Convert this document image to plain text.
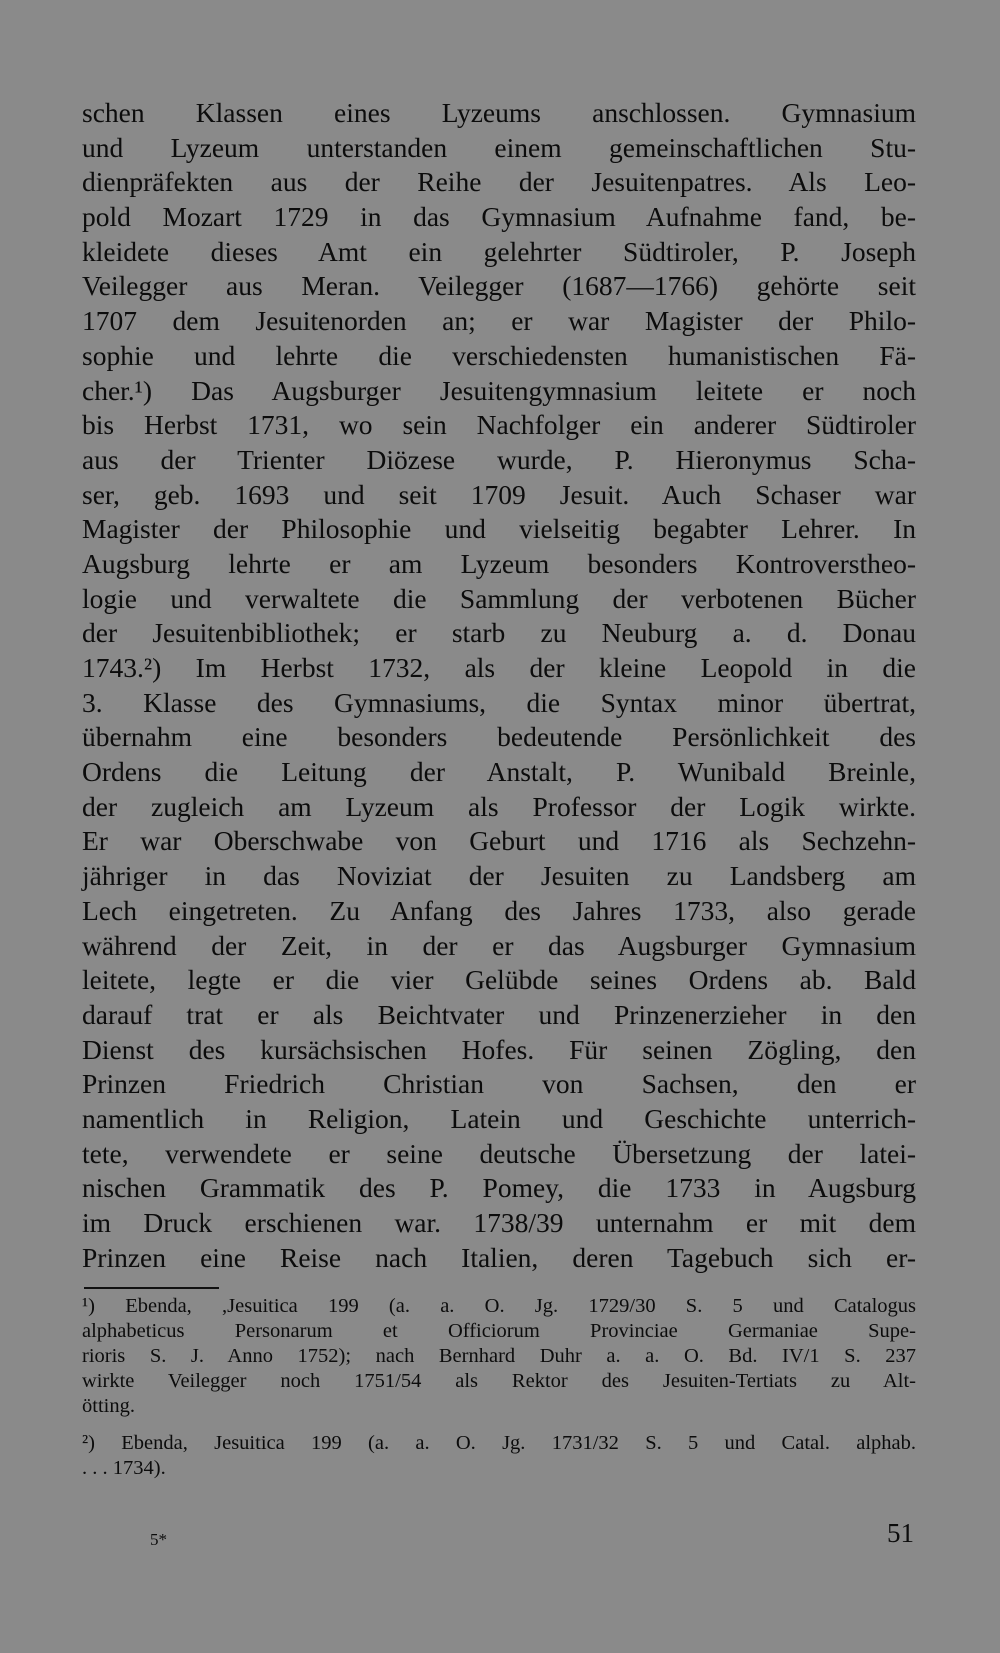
schen Klassen eines Lyzeums anschlossen. Gymnasium
und Lyzeum unterstanden einem gemeinschaftlichen Stu-
dienpräfekten aus der Reihe der Jesuitenpatres. Als Leo-
pold Mozart 1729 in das Gymnasium Aufnahme fand, be-
kleidete dieses Amt ein gelehrter Südtiroler, P. Joseph
Veilegger aus Meran. Veilegger (1687—1766) gehörte seit
1707 dem Jesuitenorden an; er war Magister der Philo-
sophie und lehrte die verschiedensten humanistischen Fä-
cher.¹) Das Augsburger Jesuitengymnasium leitete er noch
bis Herbst 1731, wo sein Nachfolger ein anderer Südtiroler
aus der Trienter Diözese wurde, P. Hieronymus Scha-
ser, geb. 1693 und seit 1709 Jesuit. Auch Schaser war
Magister der Philosophie und vielseitig begabter Lehrer. In
Augsburg lehrte er am Lyzeum besonders Kontroverstheo-
logie und verwaltete die Sammlung der verbotenen Bücher
der Jesuitenbibliothek; er starb zu Neuburg a. d. Donau
1743.²) Im Herbst 1732, als der kleine Leopold in die
3. Klasse des Gymnasiums, die Syntax minor übertrat,
übernahm eine besonders bedeutende Persönlichkeit des
Ordens die Leitung der Anstalt, P. Wunibald Breinle,
der zugleich am Lyzeum als Professor der Logik wirkte.
Er war Oberschwabe von Geburt und 1716 als Sechzehn-
jähriger in das Noviziat der Jesuiten zu Landsberg am
Lech eingetreten. Zu Anfang des Jahres 1733, also gerade
während der Zeit, in der er das Augsburger Gymnasium
leitete, legte er die vier Gelübde seines Ordens ab. Bald
darauf trat er als Beichtvater und Prinzenerzieher in den
Dienst des kursächsischen Hofes. Für seinen Zögling, den
Prinzen Friedrich Christian von Sachsen, den er
namentlich in Religion, Latein und Geschichte unterrich-
tete, verwendete er seine deutsche Übersetzung der latei-
nischen Grammatik des P. Pomey, die 1733 in Augsburg
im Druck erschienen war. 1738/39 unternahm er mit dem
Prinzen eine Reise nach Italien, deren Tagebuch sich er-
¹) Ebenda, ,Jesuitica 199 (a. a. O. Jg. 1729/30 S. 5 und Catalogus
alphabeticus Personarum et Officiorum Provinciae Germaniae Supe-
rioris S. J. Anno 1752); nach Bernhard Duhr a. a. O. Bd. IV/1 S. 237
wirkte Veilegger noch 1751/54 als Rektor des Jesuiten-Tertiats zu Alt-
ötting.
²) Ebenda, Jesuitica 199 (a. a. O. Jg. 1731/32 S. 5 und Catal. alphab.
. . . 1734).
5*	51
